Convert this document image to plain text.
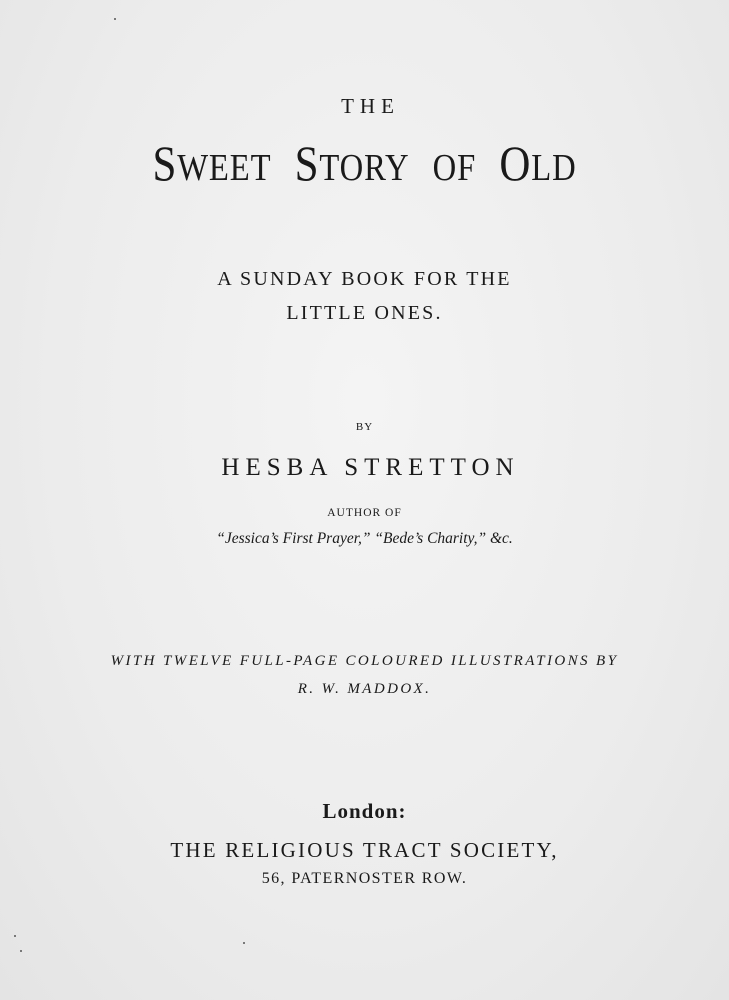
THE
SWEET STORY OF OLD
A SUNDAY BOOK FOR THE
LITTLE ONES.
BY
HESBA STRETTON
AUTHOR OF
“Jessica’s First Prayer,” “Bede’s Charity,” &c.
WITH TWELVE FULL-PAGE COLOURED ILLUSTRATIONS BY
R. W. MADDOX.
London:
THE RELIGIOUS TRACT SOCIETY,
56, PATERNOSTER ROW.
